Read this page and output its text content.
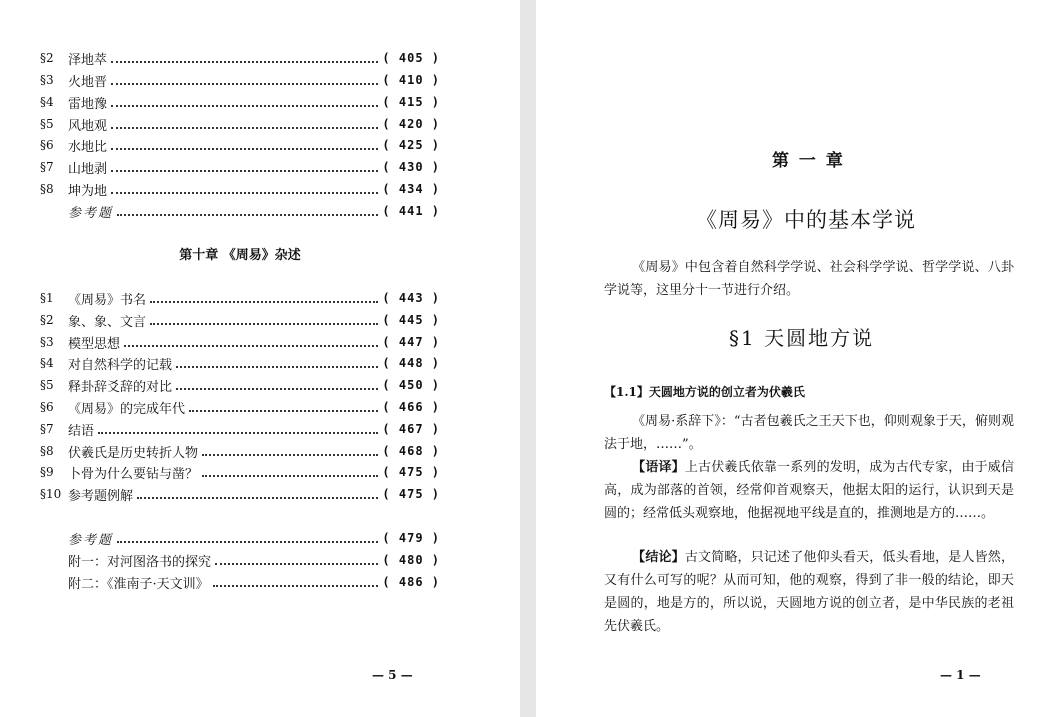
§2	泽地萃	( 405 )
§3	火地晋	( 410 )
§4	雷地豫	( 415 )
§5	风地观	( 420 )
§6	水地比	( 425 )
§7	山地剥	( 430 )
§8	坤为地	( 434 )
参考题	( 441 )
第十章 《周易》杂述
§1	《周易》书名	( 443 )
§2	象、象、文言	( 445 )
§3	模型思想	( 447 )
§4	对自然科学的记载	( 448 )
§5	释卦辞爻辞的对比	( 450 )
§6	《周易》的完成年代	( 466 )
§7	结语	( 467 )
§8	伏羲氏是历史转折人物	( 468 )
§9	卜骨为什么要钻与凿？	( 475 )
§10 参考题例解	( 475 )
参考题	( 479 )
附一：对河图洛书的探究	( 480 )
附二：《淮南子·天文训》	( 486 )
— 5 —
第 一 章
《周易》中的基本学说
《周易》中包含着自然科学学说、社会科学学说、哲学学说、八卦学说等，这里分十一节进行介绍。
§1 天圆地方说
【1.1】天圆地方说的创立者为伏羲氏
《周易·系辞下》：“古者包羲氏之王天下也，仰则观象于天，俯则观法于地，……”。
【语译】上古伏羲氏依靠一系列的发明，成为古代专家，由于威信高，成为部落的首领，经常仰首观察天，他据太阳的运行，认识到天是圆的；经常低头观察地，他据视地平线是直的，推测地是方的……。
【结论】古文简略，只记述了他仰头看天，低头看地，是人皆然，又有什么可写的呢？从而可知，他的观察，得到了非一般的结论，即天是圆的，地是方的，所以说，天圆地方说的创立者，是中华民族的老祖先伏羲氏。
— 1 —
